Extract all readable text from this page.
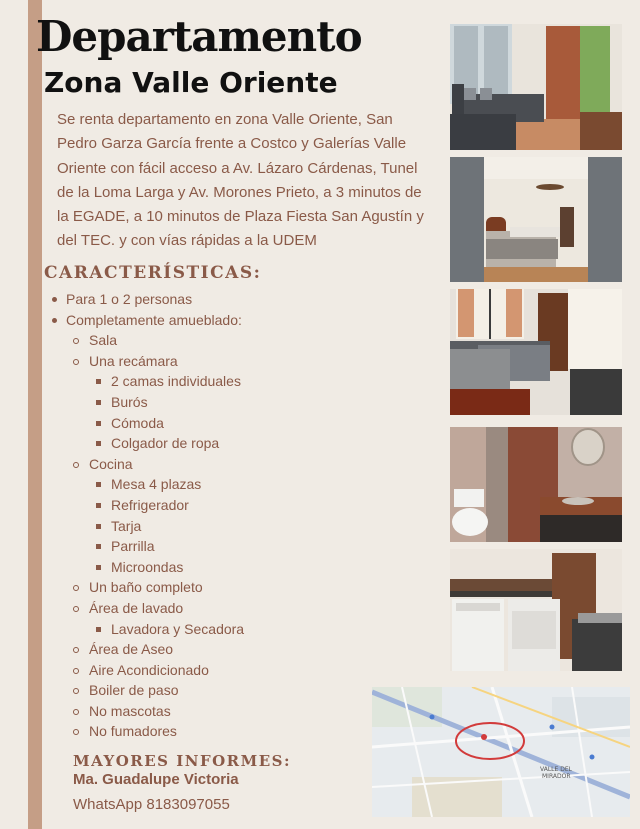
Departamento
Zona Valle Oriente

Se renta departamento en zona Valle Oriente, San Pedro Garza García frente a Costco y Galerías Valle Oriente con fácil acceso a Av. Lázaro Cárdenas, Tunel de la Loma Larga y Av. Morones Prieto, a 3 minutos de la EGADE, a 10 minutos de Plaza Fiesta San Agustín y del TEC. y con vías rápidas a la UDEM

CARACTERÍSTICAS:
Para 1 o 2 personas
Completamente amueblado:
Sala
Una recámara
2 camas individuales
Burós
Cómoda
Colgador de ropa
Cocina
Mesa 4 plazas
Refrigerador
Tarja
Parrilla
Microondas
Un baño completo
Área de lavado
Lavadora y Secadora
Área de Aseo
Aire Acondicionado
Boiler de paso
No mascotas
No fumadores
MAYORES INFORMES:

Ma. Guadalupe Victoria

WhatsApp 8183097055

VALLE DEL
MIRADOR
